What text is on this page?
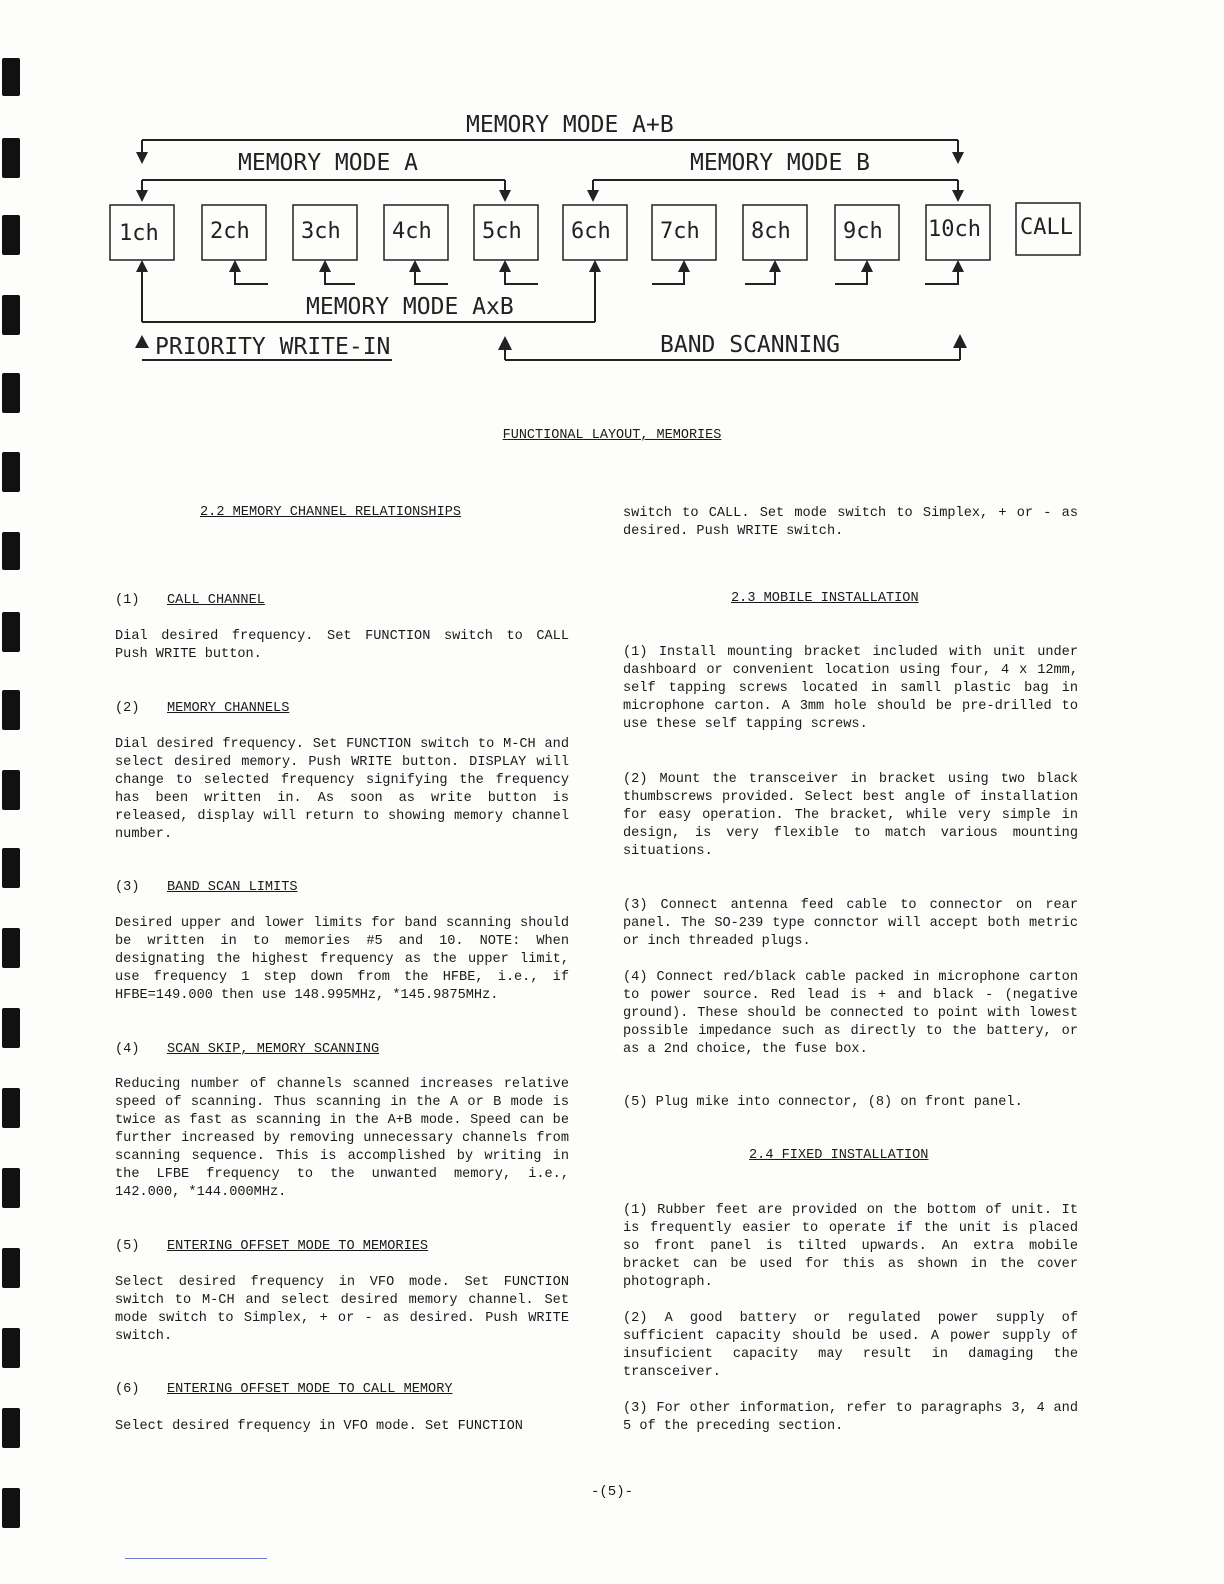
1ch 2ch 3ch 4ch 5ch 6ch 7ch 8ch 9ch 10ch CALL
MEMORY MODE A+B
MEMORY MODE A	MEMORY MODE B
MEMORY MODE AxB
PRIORITY WRITE-IN	BAND SCANNING
FUNCTIONAL LAYOUT, MEMORIES
2.2 MEMORY CHANNEL RELATIONSHIPS
(1) CALL CHANNEL

Dial desired frequency. Set FUNCTION switch to CALL Push WRITE button.

(2) MEMORY CHANNELS

Dial desired frequency. Set FUNCTION switch to M-CH and select desired memory. Push WRITE button. DISPLAY will change to selected frequency signifying the frequency has been written in. As soon as write button is released, display will return to showing memory channel number.

(3) BAND SCAN LIMITS

Desired upper and lower limits for band scanning should be written in to memories #5 and 10. NOTE: When designating the highest frequency as the upper limit, use frequency 1 step down from the HFBE, i.e., if HFBE=149.000 then use 148.995MHz, *145.9875MHz.

(4) SCAN SKIP, MEMORY SCANNING

Reducing number of channels scanned increases relative speed of scanning. Thus scanning in the A or B mode is twice as fast as scanning in the A+B mode. Speed can be further increased by removing unnecessary channels from scanning sequence. This is accomplished by writing in the LFBE frequency to the unwanted memory, i.e., 142.000, *144.000MHz.

(5) ENTERING OFFSET MODE TO MEMORIES

Select desired frequency in VFO mode. Set FUNCTION switch to M-CH and select desired memory channel. Set mode switch to Simplex, + or - as desired. Push WRITE switch.

(6) ENTERING OFFSET MODE TO CALL MEMORY

Select desired frequency in VFO mode. Set FUNCTION

switch to CALL. Set mode switch to Simplex, + or - as desired. Push WRITE switch.

2.3 MOBILE INSTALLATION

(1) Install mounting bracket included with unit under dashboard or convenient location using four, 4 x 12mm, self tapping screws located in samll plastic bag in microphone carton. A 3mm hole should be pre-drilled to use these self tapping screws.

(2) Mount the transceiver in bracket using two black thumbscrews provided. Select best angle of installation for easy operation. The bracket, while very simple in design, is very flexible to match various mounting situations.

(3) Connect antenna feed cable to connector on rear panel. The SO-239 type connctor will accept both metric or inch threaded plugs.

(4) Connect red/black cable packed in microphone carton to power source. Red lead is + and black - (negative ground). These should be connected to point with lowest possible impedance such as directly to the battery, or as a 2nd choice, the fuse box.

(5) Plug mike into connector, (8) on front panel.

2.4 FIXED INSTALLATION

(1) Rubber feet are provided on the bottom of unit. It is frequently easier to operate if the unit is placed so front panel is tilted upwards. An extra mobile bracket can be used for this as shown in the cover photograph.

(2) A good battery or regulated power supply of sufficient capacity should be used. A power supply of insuficient capacity may result in damaging the transceiver.

(3) For other information, refer to paragraphs 3, 4 and 5 of the preceding section.

-(5)-
